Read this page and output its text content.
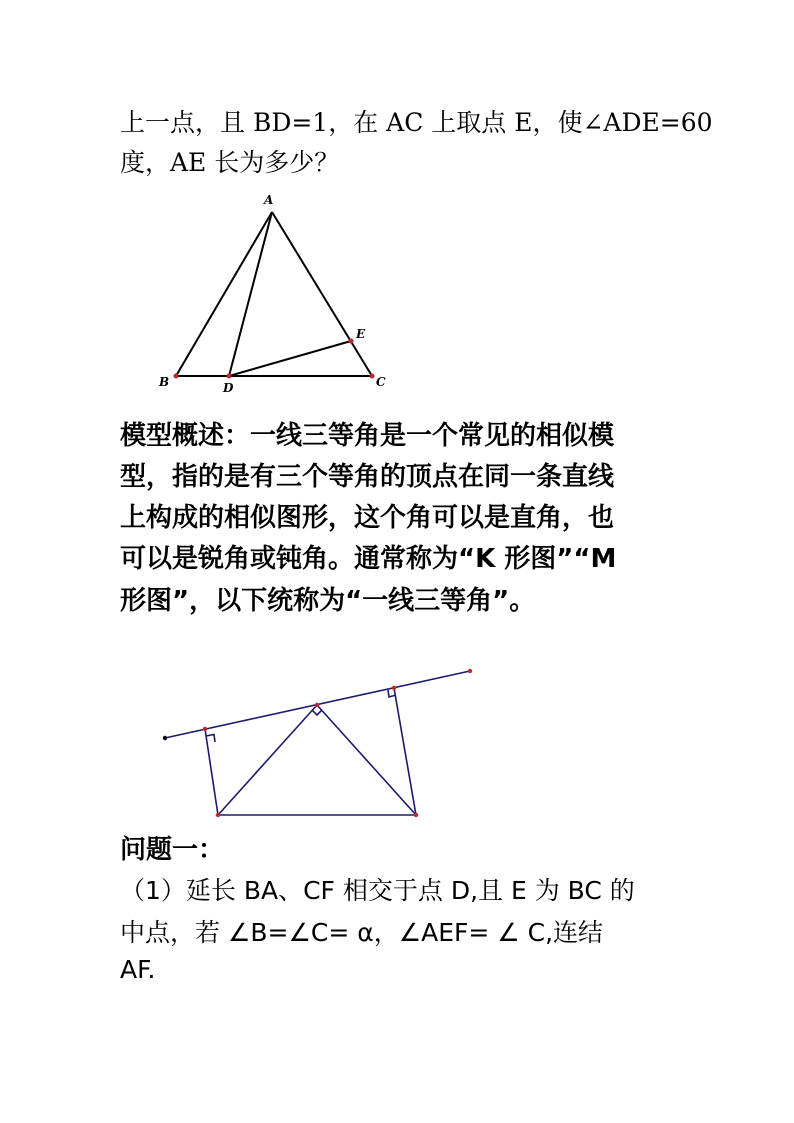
上一点，且 BD=1，在 AC 上取点 E，使∠ADE=60
度，AE 长为多少？
A
B	C
D
E
模型概述：一线三等角是一个常见的相似模
型，指的是有三个等角的顶点在同一条直线
上构成的相似图形，这个角可以是直角，也
可以是锐角或钝角。通常称为“K 形图”“M
形图”，以下统称为“一线三等角”。
问题一：
（1）延长 BA、CF 相交于点 D,且 E 为 BC 的
中点，若 ∠B=∠C= α，∠AEF= ∠ C,连结
AF.
